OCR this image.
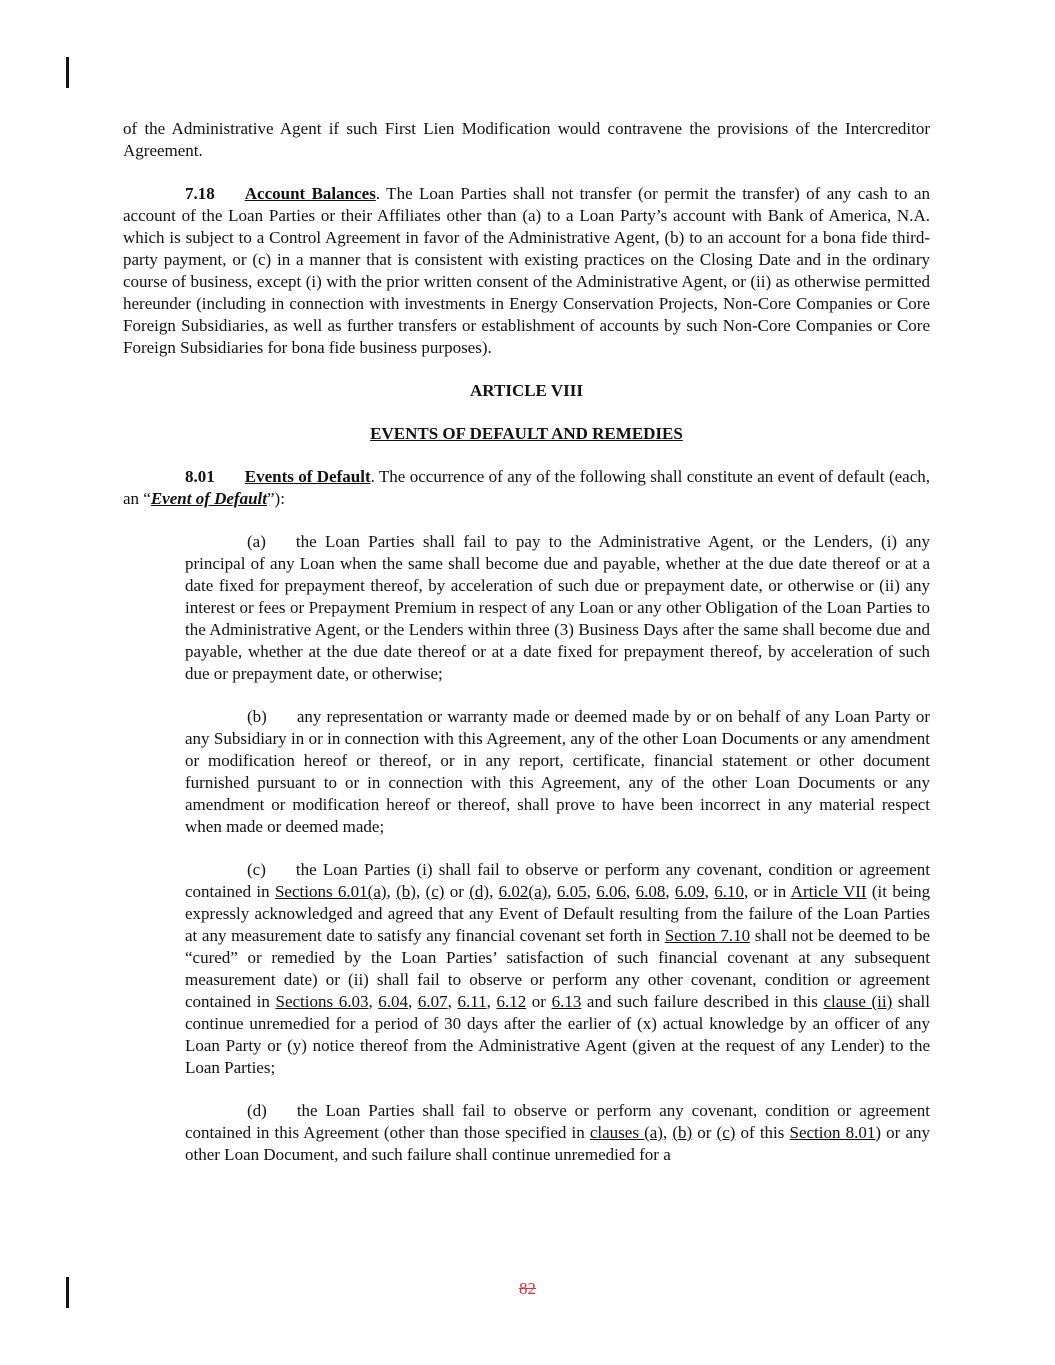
of the Administrative Agent if such First Lien Modification would contravene the provisions of the Intercreditor Agreement.

7.18 Account Balances. The Loan Parties shall not transfer (or permit the transfer) of any cash to an account of the Loan Parties or their Affiliates other than (a) to a Loan Party’s account with Bank of America, N.A. which is subject to a Control Agreement in favor of the Administrative Agent, (b) to an account for a bona fide third-party payment, or (c) in a manner that is consistent with existing practices on the Closing Date and in the ordinary course of business, except (i) with the prior written consent of the Administrative Agent, or (ii) as otherwise permitted hereunder (including in connection with investments in Energy Conservation Projects, Non-Core Companies or Core Foreign Subsidiaries, as well as further transfers or establishment of accounts by such Non-Core Companies or Core Foreign Subsidiaries for bona fide business purposes).

ARTICLE VIII

EVENTS OF DEFAULT AND REMEDIES

8.01 Events of Default. The occurrence of any of the following shall constitute an event of default (each, an “Event of Default”):

(a) the Loan Parties shall fail to pay to the Administrative Agent, or the Lenders, (i) any principal of any Loan when the same shall become due and payable, whether at the due date thereof or at a date fixed for prepayment thereof, by acceleration of such due or prepayment date, or otherwise or (ii) any interest or fees or Prepayment Premium in respect of any Loan or any other Obligation of the Loan Parties to the Administrative Agent, or the Lenders within three (3) Business Days after the same shall become due and payable, whether at the due date thereof or at a date fixed for prepayment thereof, by acceleration of such due or prepayment date, or otherwise;

(b) any representation or warranty made or deemed made by or on behalf of any Loan Party or any Subsidiary in or in connection with this Agreement, any of the other Loan Documents or any amendment or modification hereof or thereof, or in any report, certificate, financial statement or other document furnished pursuant to or in connection with this Agreement, any of the other Loan Documents or any amendment or modification hereof or thereof, shall prove to have been incorrect in any material respect when made or deemed made;

(c) the Loan Parties (i) shall fail to observe or perform any covenant, condition or agreement contained in Sections 6.01(a), (b), (c) or (d), 6.02(a), 6.05, 6.06, 6.08, 6.09, 6.10, or in Article VII (it being expressly acknowledged and agreed that any Event of Default resulting from the failure of the Loan Parties at any measurement date to satisfy any financial covenant set forth in Section 7.10 shall not be deemed to be “cured” or remedied by the Loan Parties’ satisfaction of such financial covenant at any subsequent measurement date) or (ii) shall fail to observe or perform any other covenant, condition or agreement contained in Sections 6.03, 6.04, 6.07, 6.11, 6.12 or 6.13 and such failure described in this clause (ii) shall continue unremedied for a period of 30 days after the earlier of (x) actual knowledge by an officer of any Loan Party or (y) notice thereof from the Administrative Agent (given at the request of any Lender) to the Loan Parties;

(d) the Loan Parties shall fail to observe or perform any covenant, condition or agreement contained in this Agreement (other than those specified in clauses (a), (b) or (c) of this Section 8.01) or any other Loan Document, and such failure shall continue unremedied for a

82
